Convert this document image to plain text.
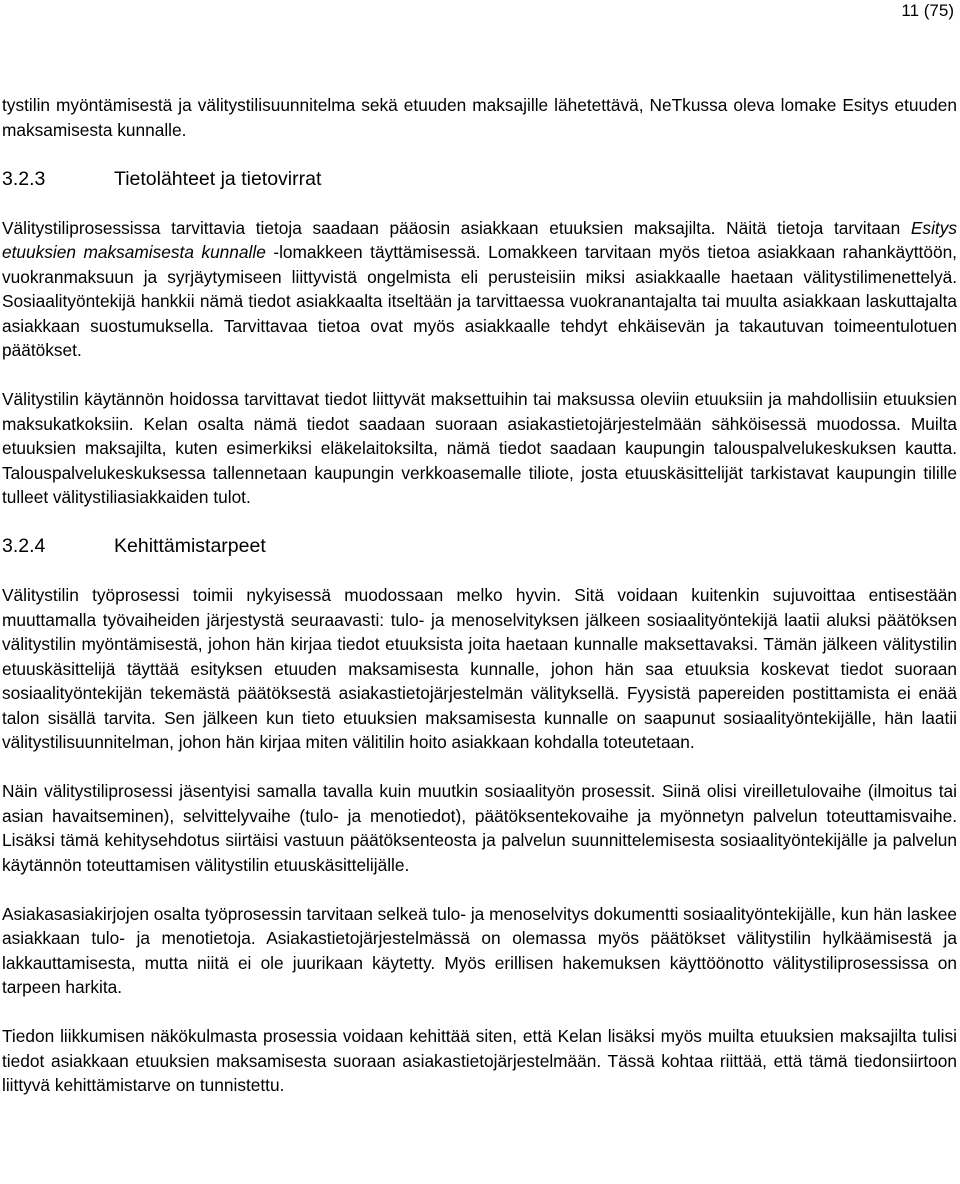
11 (75)

tystilin myöntämisestä ja välitystilisuunnitelma sekä etuuden maksajille lähetettävä, NeTkussa oleva lomake Esitys etuuden maksamisesta kunnalle.

3.2.3	Tietolähteet ja tietovirrat

Välitystiliprosessissa tarvittavia tietoja saadaan pääosin asiakkaan etuuksien maksajilta. Näitä tietoja tarvitaan Esitys etuuksien maksamisesta kunnalle -lomakkeen täyttämisessä. Lomakkeen tarvitaan myös tietoa asiakkaan rahankäyttöön, vuokranmaksuun ja syrjäytymiseen liittyvistä ongelmista eli perusteisiin miksi asiakkaalle haetaan välitystilimenettelyä. Sosiaalityöntekijä hankkii nämä tiedot asiakkaalta itseltään ja tarvittaessa vuokranantajalta tai muulta asiakkaan laskuttajalta asiakkaan suostumuksella. Tarvittavaa tietoa ovat myös asiakkaalle tehdyt ehkäisevän ja takautuvan toimeentulotuen päätökset.

Välitystilin käytännön hoidossa tarvittavat tiedot liittyvät maksettuihin tai maksussa oleviin etuuksiin ja mahdollisiin etuuksien maksukatkoksiin. Kelan osalta nämä tiedot saadaan suoraan asiakastietojärjestelmään sähköisessä muodossa. Muilta etuuksien maksajilta, kuten esimerkiksi eläkelaitoksilta, nämä tiedot saadaan kaupungin talouspalvelukeskuksen kautta. Talouspalvelukeskuksessa tallennetaan kaupungin verkkoasemalle tiliote, josta etuuskäsittelijät tarkistavat kaupungin tilille tulleet välitystiliasiakkaiden tulot.

3.2.4	Kehittämistarpeet

Välitystilin työprosessi toimii nykyisessä muodossaan melko hyvin. Sitä voidaan kuitenkin sujuvoittaa entisestään muuttamalla työvaiheiden järjestystä seuraavasti: tulo- ja menoselvityksen jälkeen sosiaalityöntekijä laatii aluksi päätöksen välitystilin myöntämisestä, johon hän kirjaa tiedot etuuksista joita haetaan kunnalle maksettavaksi. Tämän jälkeen välitystilin etuuskäsittelijä täyttää esityksen etuuden maksamisesta kunnalle, johon hän saa etuuksia koskevat tiedot suoraan sosiaalityöntekijän tekemästä päätöksestä asiakastietojärjestelmän välityksellä. Fyysistä papereiden postittamista ei enää talon sisällä tarvita. Sen jälkeen kun tieto etuuksien maksamisesta kunnalle on saapunut sosiaalityöntekijälle, hän laatii välitystilisuunnitelman, johon hän kirjaa miten välitilin hoito asiakkaan kohdalla toteutetaan.

Näin välitystiliprosessi jäsentyisi samalla tavalla kuin muutkin sosiaalityön prosessit. Siinä olisi vireilletulovaihe (ilmoitus tai asian havaitseminen), selvittelyvaihe (tulo- ja menotiedot), päätöksentekovaihe ja myönnetyn palvelun toteuttamisvaihe. Lisäksi tämä kehitysehdotus siirtäisi vastuun päätöksenteosta ja palvelun suunnittelemisesta sosiaalityöntekijälle ja palvelun käytännön toteuttamisen välitystilin etuuskäsittelijälle.

Asiakasasiakirjojen osalta työprosessin tarvitaan selkeä tulo- ja menoselvitys dokumentti sosiaalityöntekijälle, kun hän laskee asiakkaan tulo- ja menotietoja. Asiakastietojärjestelmässä on olemassa myös päätökset välitystilin hylkäämisestä ja lakkauttamisesta, mutta niitä ei ole juurikaan käytetty. Myös erillisen hakemuksen käyttöönotto välitystiliprosessissa on tarpeen harkita.

Tiedon liikkumisen näkökulmasta prosessia voidaan kehittää siten, että Kelan lisäksi myös muilta etuuksien maksajilta tulisi tiedot asiakkaan etuuksien maksamisesta suoraan asiakastietojärjestelmään. Tässä kohtaa riittää, että tämä tiedonsiirtoon liittyvä kehittämistarve on tunnistettu.
